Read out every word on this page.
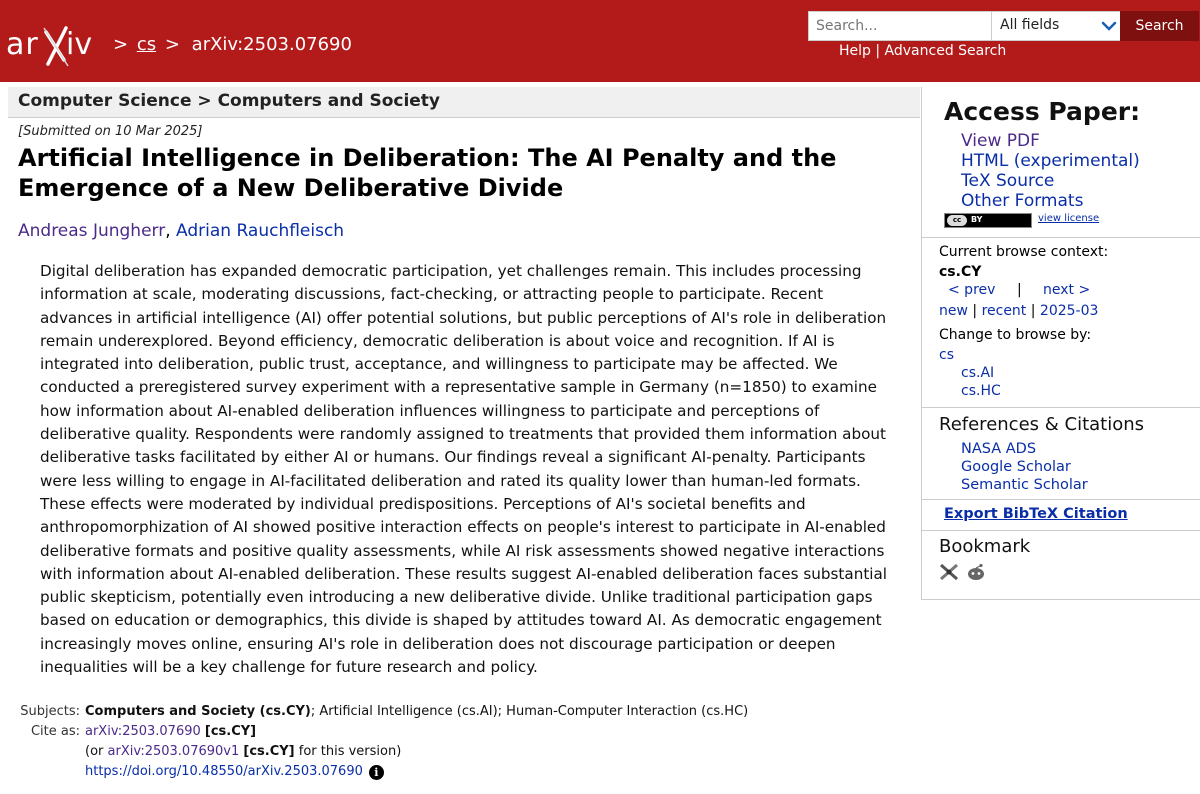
ar iv > cs > arXiv:2503.07690
Search...
All fields	Search
Help | Advanced Search
Computer Science > Computers and Society
[Submitted on 10 Mar 2025]
Artificial Intelligence in Deliberation: The AI Penalty and the Emergence of a New Deliberative Divide
Andreas Jungherr, Adrian Rauchfleisch
Digital deliberation has expanded democratic participation, yet challenges remain. This includes processing information at scale, moderating discussions, fact-checking, or attracting people to participate. Recent advances in artificial intelligence (AI) offer potential solutions, but public perceptions of AI's role in deliberation remain underexplored. Beyond efficiency, democratic deliberation is about voice and recognition. If AI is integrated into deliberation, public trust, acceptance, and willingness to participate may be affected. We conducted a preregistered survey experiment with a representative sample in Germany (n=1850) to examine how information about AI-enabled deliberation influences willingness to participate and perceptions of deliberative quality. Respondents were randomly assigned to treatments that provided them information about deliberative tasks facilitated by either AI or humans. Our findings reveal a significant AI-penalty. Participants were less willing to engage in AI-facilitated deliberation and rated its quality lower than human-led formats. These effects were moderated by individual predispositions. Perceptions of AI's societal benefits and anthropomorphization of AI showed positive interaction effects on people's interest to participate in AI-enabled deliberative formats and positive quality assessments, while AI risk assessments showed negative interactions with information about AI-enabled deliberation. These results suggest AI-enabled deliberation faces substantial public skepticism, potentially even introducing a new deliberative divide. Unlike traditional participation gaps based on education or demographics, this divide is shaped by attitudes toward AI. As democratic engagement increasingly moves online, ensuring AI's role in deliberation does not discourage participation or deepen inequalities will be a key challenge for future research and policy.
Subjects: Computers and Society (cs.CY); Artificial Intelligence (cs.AI); Human-Computer Interaction (cs.HC)
Cite as: arXiv:2503.07690 [cs.CY]
(or arXiv:2503.07690v1 [cs.CY] for this version)
https://doi.org/10.48550/arXiv.2503.07690 i
Access Paper:
View PDF
HTML (experimental)
TeX Source
Other Formats
cc	BY	view license
Current browse context:
cs.CY
< prev | next >
new | recent | 2025-03
Change to browse by:
cs
cs.AI
cs.HC
References & Citations
NASA ADS
Google Scholar
Semantic Scholar
Export BibTeX Citation
Bookmark
